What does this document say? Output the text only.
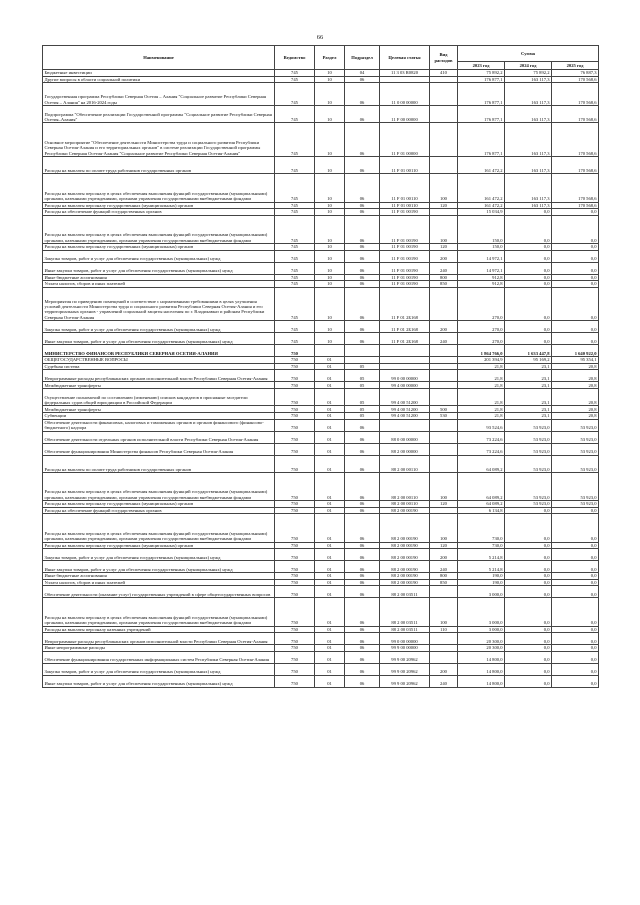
66
Наименование	Ведомство	Раздел	Подраздел	Целевая статья	Вид расходов	Сумма		
						2023 год	2024 год	2025 год
Бюджетные инвестиции	745	10	04	11 3 03 R0820	410	75 892,2	75 892,2	76 887,3
Другие вопросы в области социальной политики	745	10	06			176 877,1	163 117,3	170 568,6
Государственная программа Республики Северная Осетия – Алания "Социальное развитие Республики Северная Осетия – Алания" на 2016-2024 годы	745	10	06	11 0 00 00000		176 877,1	163 117,3	170 568,6
Подпрограмма "Обеспечение реализации Государственной программы "Социальное развитие Республики Северная Осетия–Алания"	745	10	06	11 F 00 00000		176 877,1	163 117,3	170 568,6
Основное мероприятие "Обеспечение деятельности Министерства труда и социального развития Республики Северная Осетия-Алания и его территориальных органов" в системе реализации Государственной программы Республики Северная Осетия-Алания "Социальное развитие Республики Северная Осетия-Алания"	745	10	06	11 F 01 00000		176 877,1	163 117,3	170 568,6
Расходы на выплаты по оплате труда работников государственных органов	745	10	06	11 F 01 00110		161 472,2	163 117,3	170 568,6
Расходы на выплаты персоналу в целях обеспечения выполнения функций государственными (муниципальными) органами, казенными учреждениями, органами управления государственными внебюджетными фондами	745	10	06	11 F 01 00110	100	161 472,2	163 117,3	170 568,6
Расходы на выплаты персоналу государственных (муниципальных) органов	745	10	06	11 F 01 00110	120	161 472,2	163 117,3	170 568,6
Расходы на обеспечение функций государственных органов	745	10	06	11 F 01 00190		15 034,9	0,0	0,0
Расходы на выплаты персоналу в целях обеспечения выполнения функций государственными (муниципальными) органами, казенными учреждениями, органами управления государственными внебюджетными фондами	745	10	06	11 F 01 00190	100	150,0	0,0	0,0
Расходы на выплаты персоналу государственных (муниципальных) органов	745	10	06	11 F 01 00190	120	150,0	0,0	0,0
Закупка товаров, работ и услуг для обеспечения государственных (муниципальных) нужд	745	10	06	11 F 01 00190	200	14 972,1	0,0	0,0
Иные закупки товаров, работ и услуг для обеспечения государственных (муниципальных) нужд	745	10	06	11 F 01 00190	240	14 972,1	0,0	0,0
Иные бюджетные ассигнования	745	10	06	11 F 01 00190	800	912,8	0,0	0,0
Уплата налогов, сборов и иных платежей	745	10	06	11 F 01 00190	850	912,8	0,0	0,0
Мероприятия по приведению помещений в соответствие с нормативными требованиями в целях улучшения условий деятельности Министерства труда и социального развития Республики Северная Осетия-Алания и его территориальных органов - управлений социальной защиты населения по г. Владикавказ и районам Республики Северная Осетия-Алания	745	10	06	11 F 01 2Б168		270,0	0,0	0,0
Закупка товаров, работ и услуг для обеспечения государственных (муниципальных) нужд	745	10	06	11 F 01 2Б168	200	270,0	0,0	0,0
Иные закупки товаров, работ и услуг для обеспечения государственных (муниципальных) нужд	745	10	06	11 F 01 2Б168	240	270,0	0,0	0,0
МИНИСТЕРСТВО ФИНАНСОВ РЕСПУБЛИКИ СЕВЕРНАЯ ОСЕТИЯ-АЛАНИЯ	750					1 864 766,0	1 633 447,8	1 640 922,0
ОБЩЕГОСУДАРСТВЕННЫЕ ВОПРОСЫ	750	01				201 394,9	95 169,2	95 354,1
Судебная система	750	01	05			21,8	23,1	20,8
Непрограммные расходы республиканских органов исполнительной власти Республики Северная Осетия-Алания	750	01	05	99 0 00 00000		21,8	23,1	20,8
Межбюджетные трансферты	750	01	05	99 4 00 00000		21,8	23,1	20,8
Осуществление полномочий по составлению (изменению) списков кандидатов в присяжные заседатели федеральных судов общей юрисдикции в Российской Федерации	750	01	05	99 4 00 51200		21,8	23,1	20,8
Межбюджетные трансферты	750	01	05	99 4 00 51200	500	21,8	23,1	20,8
Субвенции	750	01	05	99 4 00 51200	530	21,8	23,1	20,8
Обеспечение деятельности финансовых, налоговых и таможенных органов и органов финансового (финансово-бюджетного) надзора	750	01	06			93 524,6	53 923,0	53 923,0
Обеспечение деятельности отдельных органов исполнительной власти Республики Северная Осетия-Алания	750	01	06	88 0 00 00000		73 224,6	53 923,0	53 923,0
Обеспечение функционирования Министерства финансов Республики Северная Осетия-Алания	750	01	06	88 2 00 00000		73 224,6	53 923,0	53 923,0
Расходы на выплаты по оплате труда работников государственных органов	750	01	06	88 2 00 00110		64 089,2	53 923,0	53 923,0
Расходы на выплаты персоналу в целях обеспечения выполнения функций государственными (муниципальными) органами, казенными учреждениями, органами управления государственными внебюджетными фондами	750	01	06	88 2 00 00110	100	64 089,2	53 923,0	53 923,0
Расходы на выплаты персоналу государственных (муниципальных) органов	750	01	06	88 2 00 00110	120	64 089,2	53 923,0	53 923,0
Расходы на обеспечение функций государственных органов	750	01	06	88 2 00 00190		6 134,8	0,0	0,0
Расходы на выплаты персоналу в целях обеспечения выполнения функций государственными (муниципальными) органами, казенными учреждениями, органами управления государственными внебюджетными фондами	750	01	06	88 2 00 00190	100	730,0	0,0	0,0
Расходы на выплаты персоналу государственных (муниципальных) органов	750	01	06	88 2 00 00190	120	730,0	0,0	0,0
Закупка товаров, работ и услуг для обеспечения государственных (муниципальных) нужд	750	01	06	88 2 00 00190	200	5 214,8	0,0	0,0
Иные закупки товаров, работ и услуг для обеспечения государственных (муниципальных) нужд	750	01	06	88 2 00 00190	240	5 214,8	0,0	0,0
Иные бюджетные ассигнования	750	01	06	88 2 00 00190	800	190,0	0,0	0,0
Уплата налогов, сборов и иных платежей	750	01	06	88 2 00 00190	850	190,0	0,0	0,0
Обеспечение деятельности (оказание услуг) государственных учреждений в сфере общегосударственных вопросов	750	01	06	88 2 00 03511		3 000,0	0,0	0,0
Расходы на выплаты персоналу в целях обеспечения выполнения функций государственными (муниципальными) органами, казенными учреждениями, органами управления государственными внебюджетными фондами	750	01	06	88 2 00 03511	100	3 000,0	0,0	0,0
Расходы на выплаты персоналу казенных учреждений	750	01	06	88 2 00 03511	110	3 000,0	0,0	0,0
Непрограммные расходы республиканских органов исполнительной власти Республики Северная Осетия-Алания	750	01	06	99 0 00 00000		20 300,0	0,0	0,0
Иные непрограммные расходы	750	01	06	99 9 00 00000		20 300,0	0,0	0,0
Обеспечение функционирования государственных информационных систем Республики Северная Осетия-Алания	750	01	06	99 9 00 20962		14 800,0	0,0	0,0
Закупка товаров, работ и услуг для обеспечения государственных (муниципальных) нужд	750	01	06	99 9 00 20962	200	14 800,0	0,0	0,0
Иные закупки товаров, работ и услуг для обеспечения государственных (муниципальных) нужд	750	01	06	99 9 00 20962	240	14 800,0	0,0	0,0
